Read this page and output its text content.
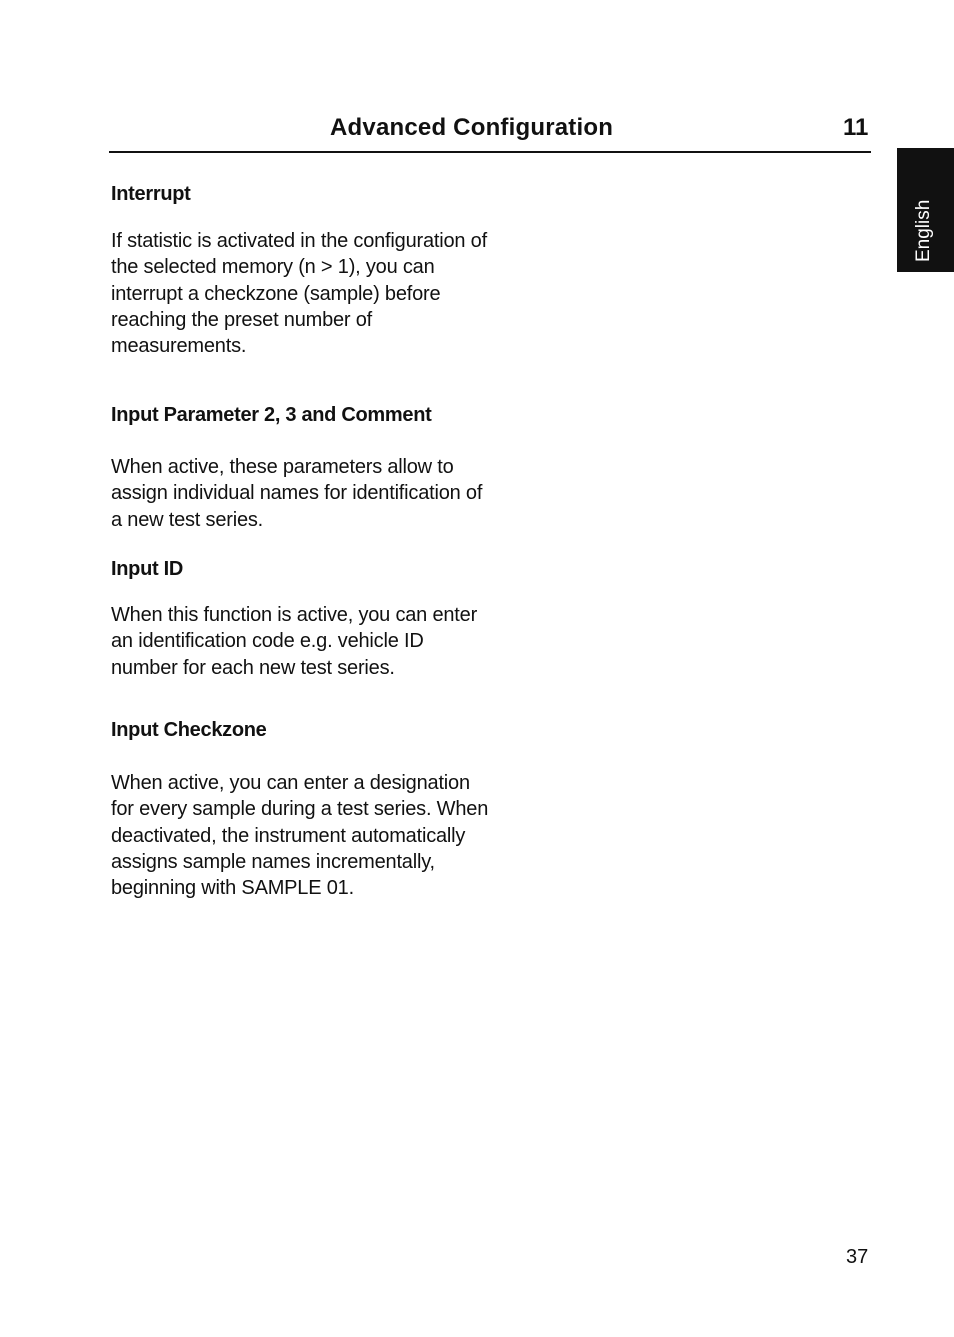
Advanced Configuration	11
English
Interrupt
If statistic is activated in the configuration of the selected memory (n > 1), you can interrupt a checkzone (sample) before reaching the preset number of measurements.
Input Parameter 2, 3 and Comment
When active, these parameters allow to assign individual names for identification of a new test series.
Input ID
When this function is active, you can enter an identification code e.g. vehicle ID number for each new test series.
Input Checkzone
When active, you can enter a designation for every sample during a test series. When deactivated, the instrument automatically assigns sample names incrementally, beginning with SAMPLE 01.
37
